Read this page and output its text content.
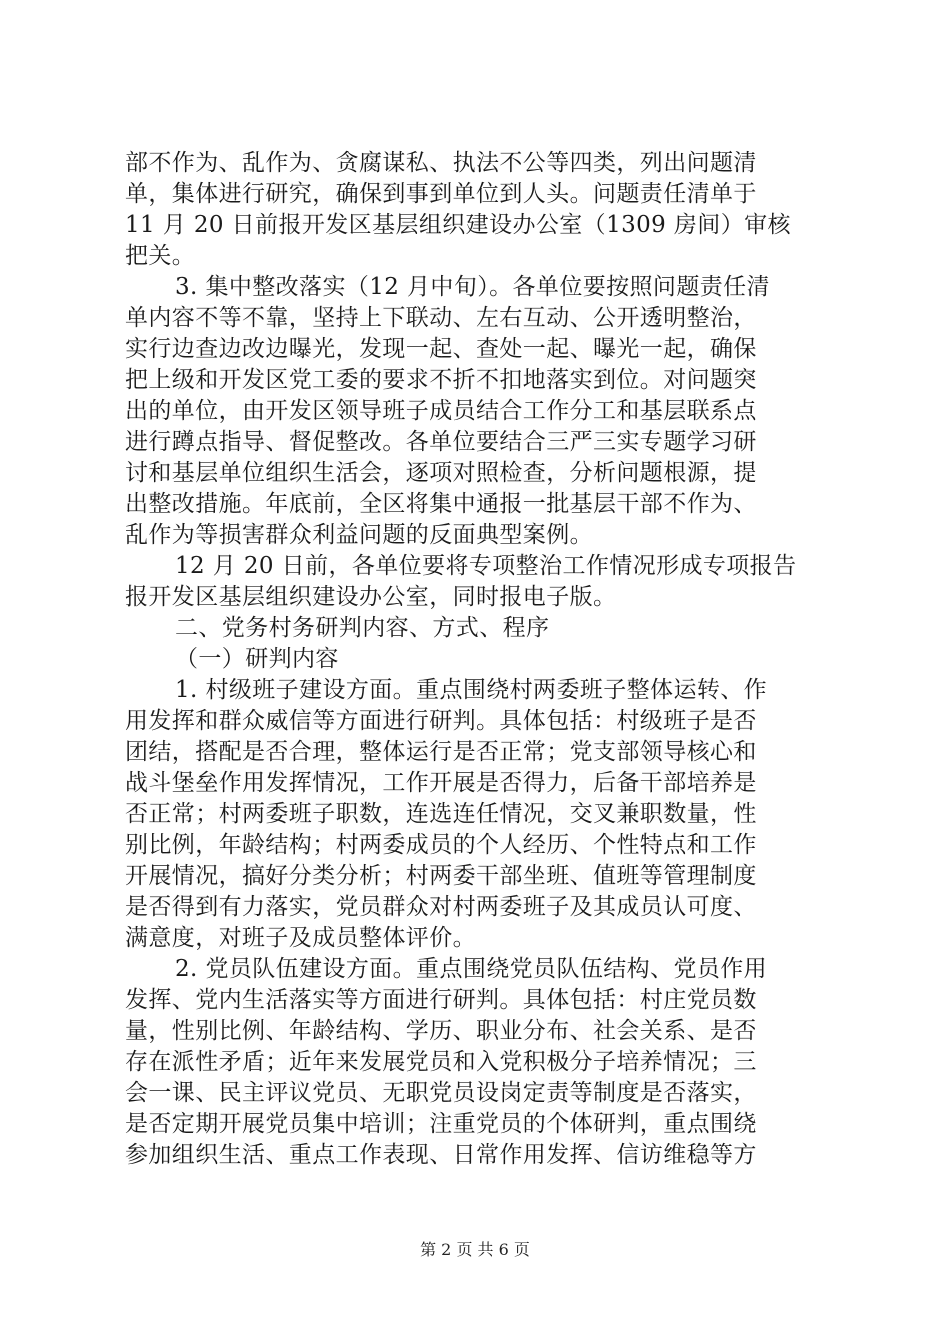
部不作为、乱作为、贪腐谋私、执法不公等四类，列出问题清
单，集体进行研究，确保到事到单位到人头。问题责任清单于
11 月 20 日前报开发区基层组织建设办公室（1309 房间）审核
把关。
3. 集中整改落实（12 月中旬）。各单位要按照问题责任清
单内容不等不靠，坚持上下联动、左右互动、公开透明整治，
实行边查边改边曝光，发现一起、查处一起、曝光一起，确保
把上级和开发区党工委的要求不折不扣地落实到位。对问题突
出的单位，由开发区领导班子成员结合工作分工和基层联系点
进行蹲点指导、督促整改。各单位要结合三严三实专题学习研
讨和基层单位组织生活会，逐项对照检查，分析问题根源，提
出整改措施。年底前，全区将集中通报一批基层干部不作为、
乱作为等损害群众利益问题的反面典型案例。
12 月 20 日前，各单位要将专项整治工作情况形成专项报告
报开发区基层组织建设办公室，同时报电子版。
二、党务村务研判内容、方式、程序
（一）研判内容
1. 村级班子建设方面。重点围绕村两委班子整体运转、作
用发挥和群众威信等方面进行研判。具体包括：村级班子是否
团结，搭配是否合理，整体运行是否正常；党支部领导核心和
战斗堡垒作用发挥情况，工作开展是否得力，后备干部培养是
否正常；村两委班子职数，连选连任情况，交叉兼职数量，性
别比例，年龄结构；村两委成员的个人经历、个性特点和工作
开展情况，搞好分类分析；村两委干部坐班、值班等管理制度
是否得到有力落实，党员群众对村两委班子及其成员认可度、
满意度，对班子及成员整体评价。
2. 党员队伍建设方面。重点围绕党员队伍结构、党员作用
发挥、党内生活落实等方面进行研判。具体包括：村庄党员数
量，性别比例、年龄结构、学历、职业分布、社会关系、是否
存在派性矛盾；近年来发展党员和入党积极分子培养情况；三
会一课、民主评议党员、无职党员设岗定责等制度是否落实，
是否定期开展党员集中培训；注重党员的个体研判，重点围绕
参加组织生活、重点工作表现、日常作用发挥、信访维稳等方
第 2 页 共 6 页
